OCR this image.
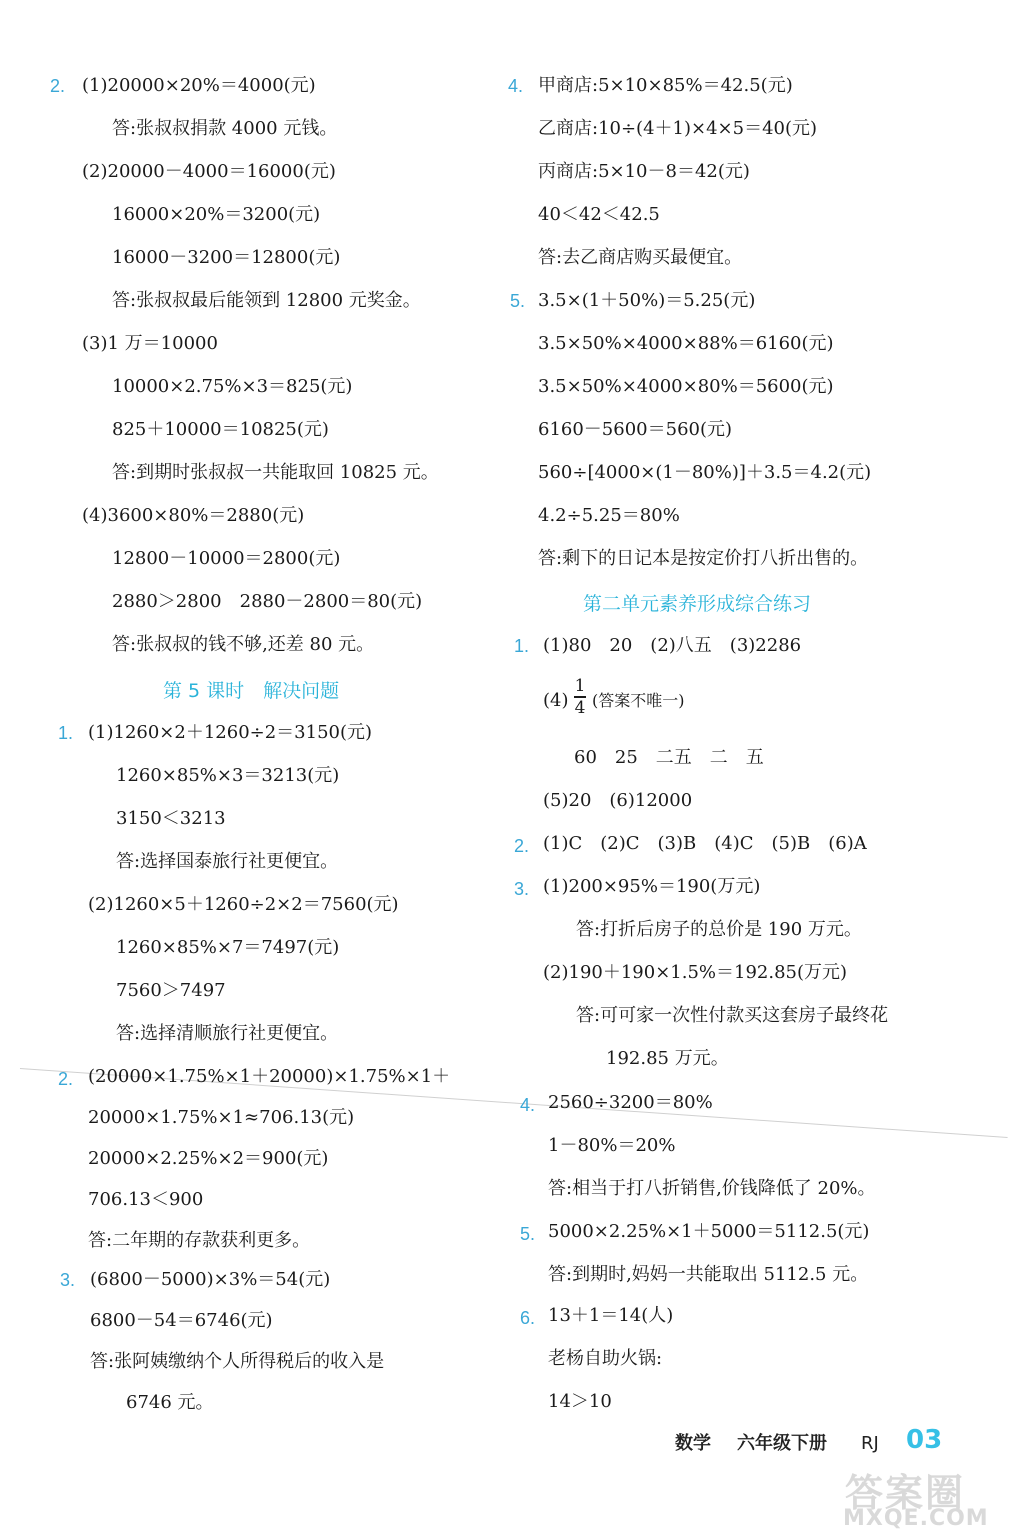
2. (1)20000×20%＝4000(元)
答:张叔叔捐款 4000 元钱。
(2)20000－4000＝16000(元)
16000×20%＝3200(元)
16000－3200＝12800(元)
答:张叔叔最后能领到 12800 元奖金。
(3)1 万＝10000
10000×2.75%×3＝825(元)
825＋10000＝10825(元)
答:到期时张叔叔一共能取回 10825 元。
(4)3600×80%＝2880(元)
12800－10000＝2800(元)
2880＞2800　2880－2800＝80(元)
答:张叔叔的钱不够,还差 80 元。
第 5 课时　解决问题
1. (1)1260×2＋1260÷2＝3150(元)
1260×85%×3＝3213(元)
3150＜3213
答:选择国泰旅行社更便宜。
(2)1260×5＋1260÷2×2＝7560(元)
1260×85%×7＝7497(元)
7560＞7497
答:选择清顺旅行社更便宜。
2. (20000×1.75%×1＋20000)×1.75%×1＋
20000×1.75%×1≈706.13(元)
20000×2.25%×2＝900(元)
706.13＜900
答:二年期的存款获利更多。
3. (6800－5000)×3%＝54(元)
6800－54＝6746(元)
答:张阿姨缴纳个人所得税后的收入是
6746 元。
4. 甲商店:5×10×85%＝42.5(元)
乙商店:10÷(4＋1)×4×5＝40(元)
丙商店:5×10－8＝42(元)
40＜42＜42.5
答:去乙商店购买最便宜。
5. 3.5×(1＋50%)＝5.25(元)
3.5×50%×4000×88%＝6160(元)
3.5×50%×4000×80%＝5600(元)
6160－5600＝560(元)
560÷[4000×(1－80%)]＋3.5＝4.2(元)
4.2÷5.25＝80%
答:剩下的日记本是按定价打八折出售的。
第二单元素养形成综合练习
1. (1)80　20　(2)八五　(3)2286
(4)
1
4 (答案不唯一)
60　25　二五　二　五
(5)20　(6)12000
2. (1)C　(2)C　(3)B　(4)C　(5)B　(6)A
3. (1)200×95%＝190(万元)
答:打折后房子的总价是 190 万元。
(2)190＋190×1.5%＝192.85(万元)
答:可可家一次性付款买这套房子最终花
192.85 万元。
4. 2560÷3200＝80%
1－80%＝20%
答:相当于打八折销售,价钱降低了 20%。
5. 5000×2.25%×1＋5000＝5112.5(元)
答:到期时,妈妈一共能取出 5112.5 元。
6. 13＋1＝14(人)
老杨自助火锅:
14＞10
数学 六年级下册 RJ 03
答案圈
MXQE.COM
